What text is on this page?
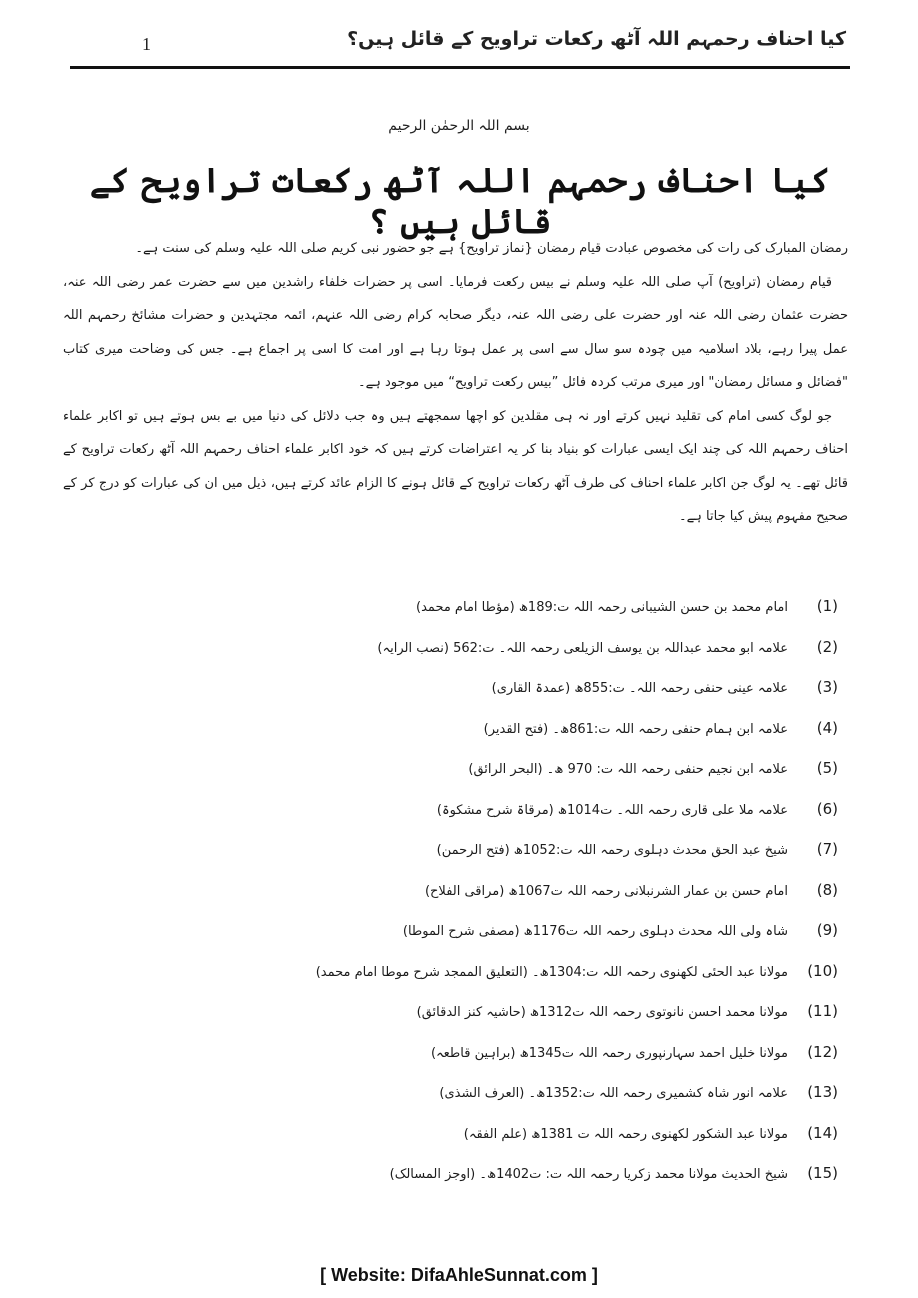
کیا احناف رحمہم اللہ آٹھ رکعات تراویح کے قائل ہیں؟
1
بسم اللہ الرحمٰن الرحیم
کیا احناف رحمہم اللہ آٹھ رکعات تراویح کے قائل ہیں ؟

رمضان المبارک کی رات کی مخصوص عبادت قیام رمضان {نماز تراویح} ہے جو حضور نبی کریم صلی اللہ علیہ وسلم کی سنت ہے۔

قیام رمضان (تراویح) آپ صلی اللہ علیہ وسلم نے بیس رکعت فرمایا۔ اسی پر حضرات خلفاء راشدین میں سے حضرت عمر رضی اللہ عنہ، حضرت عثمان رضی اللہ عنہ اور حضرت علی رضی اللہ عنہ، دیگر صحابہ کرام رضی اللہ عنہم، ائمہ مجتہدین و حضرات مشائخ رحمہم اللہ عمل پیرا رہے، بلاد اسلامیہ میں چودہ سو سال سے اسی پر عمل ہوتا رہا ہے اور امت کا اسی پر اجماع ہے۔ جس کی وضاحت میری کتاب "فضائل و مسائل رمضان" اور میری مرتب کردہ فائل ”بیس رکعت تراویح“ میں موجود ہے۔

جو لوگ کسی امام کی تقلید نہیں کرتے اور نہ ہی مقلدین کو اچھا سمجھتے ہیں وہ جب دلائل کی دنیا میں بے بس ہوتے ہیں تو اکابر علماء احناف رحمہم اللہ کی چند ایک ایسی عبارات کو بنیاد بنا کر یہ اعتراضات کرتے ہیں کہ خود اکابر علماء احناف رحمہم اللہ آٹھ رکعات تراویح کے قائل تھے۔ یہ لوگ جن اکابر علماء احناف کی طرف آٹھ رکعات تراویح کے قائل ہونے کا الزام عائد کرتے ہیں، ذیل میں ان کی عبارات کو درج کر کے صحیح مفہوم پیش کیا جاتا ہے۔

(1)امام محمد بن حسن الشیبانی رحمہ اللہ ت:189ھ (مؤطا امام محمد)
(2)علامہ ابو محمد عبداللہ بن یوسف الزیلعی رحمہ اللہ۔ ت:562 (نصب الرایہ)
(3)علامہ عینی حنفی رحمہ اللہ۔ ت:855ھ (عمدۃ القاری)
(4)علامہ ابن ہمام حنفی رحمہ اللہ ت:861ھ۔ (فتح القدیر)
(5)علامہ ابن نجیم حنفی رحمہ اللہ ت: 970 ھ۔ (البحر الرائق)
(6)علامہ ملا علی قاری رحمہ اللہ۔ ت1014ھ (مرقاۃ شرح مشکوۃ)
(7)شیخ عبد الحق محدث دہلوی رحمہ اللہ ت:1052ھ (فتح الرحمن)
(8)امام حسن بن عمار الشرنبلانی رحمہ اللہ ت1067ھ (مراقی الفلاح)
(9)شاہ ولی اللہ محدث دہلوی رحمہ اللہ ت1176ھ (مصفی شرح الموطا)
(10)مولانا عبد الحئی لکھنوی رحمہ اللہ ت:1304ھ۔ (التعلیق الممجد شرح موطا امام محمد)
(11)مولانا محمد احسن نانوتوی رحمہ اللہ ت1312ھ (حاشیہ کنز الدقائق)
(12)مولانا خلیل احمد سہارنپوری رحمہ اللہ ت1345ھ (براہین قاطعہ)
(13)علامہ انور شاہ کشمیری رحمہ اللہ ت:1352ھ۔ (العرف الشذی)
(14)مولانا عبد الشکور لکھنوی رحمہ اللہ ت 1381ھ (علم الفقہ)
(15)شیخ الحدیث مولانا محمد زکریا رحمہ اللہ ت: ت1402ھ۔ (اوجز المسالک)
[ Website: DifaAhleSunnat.com ]
